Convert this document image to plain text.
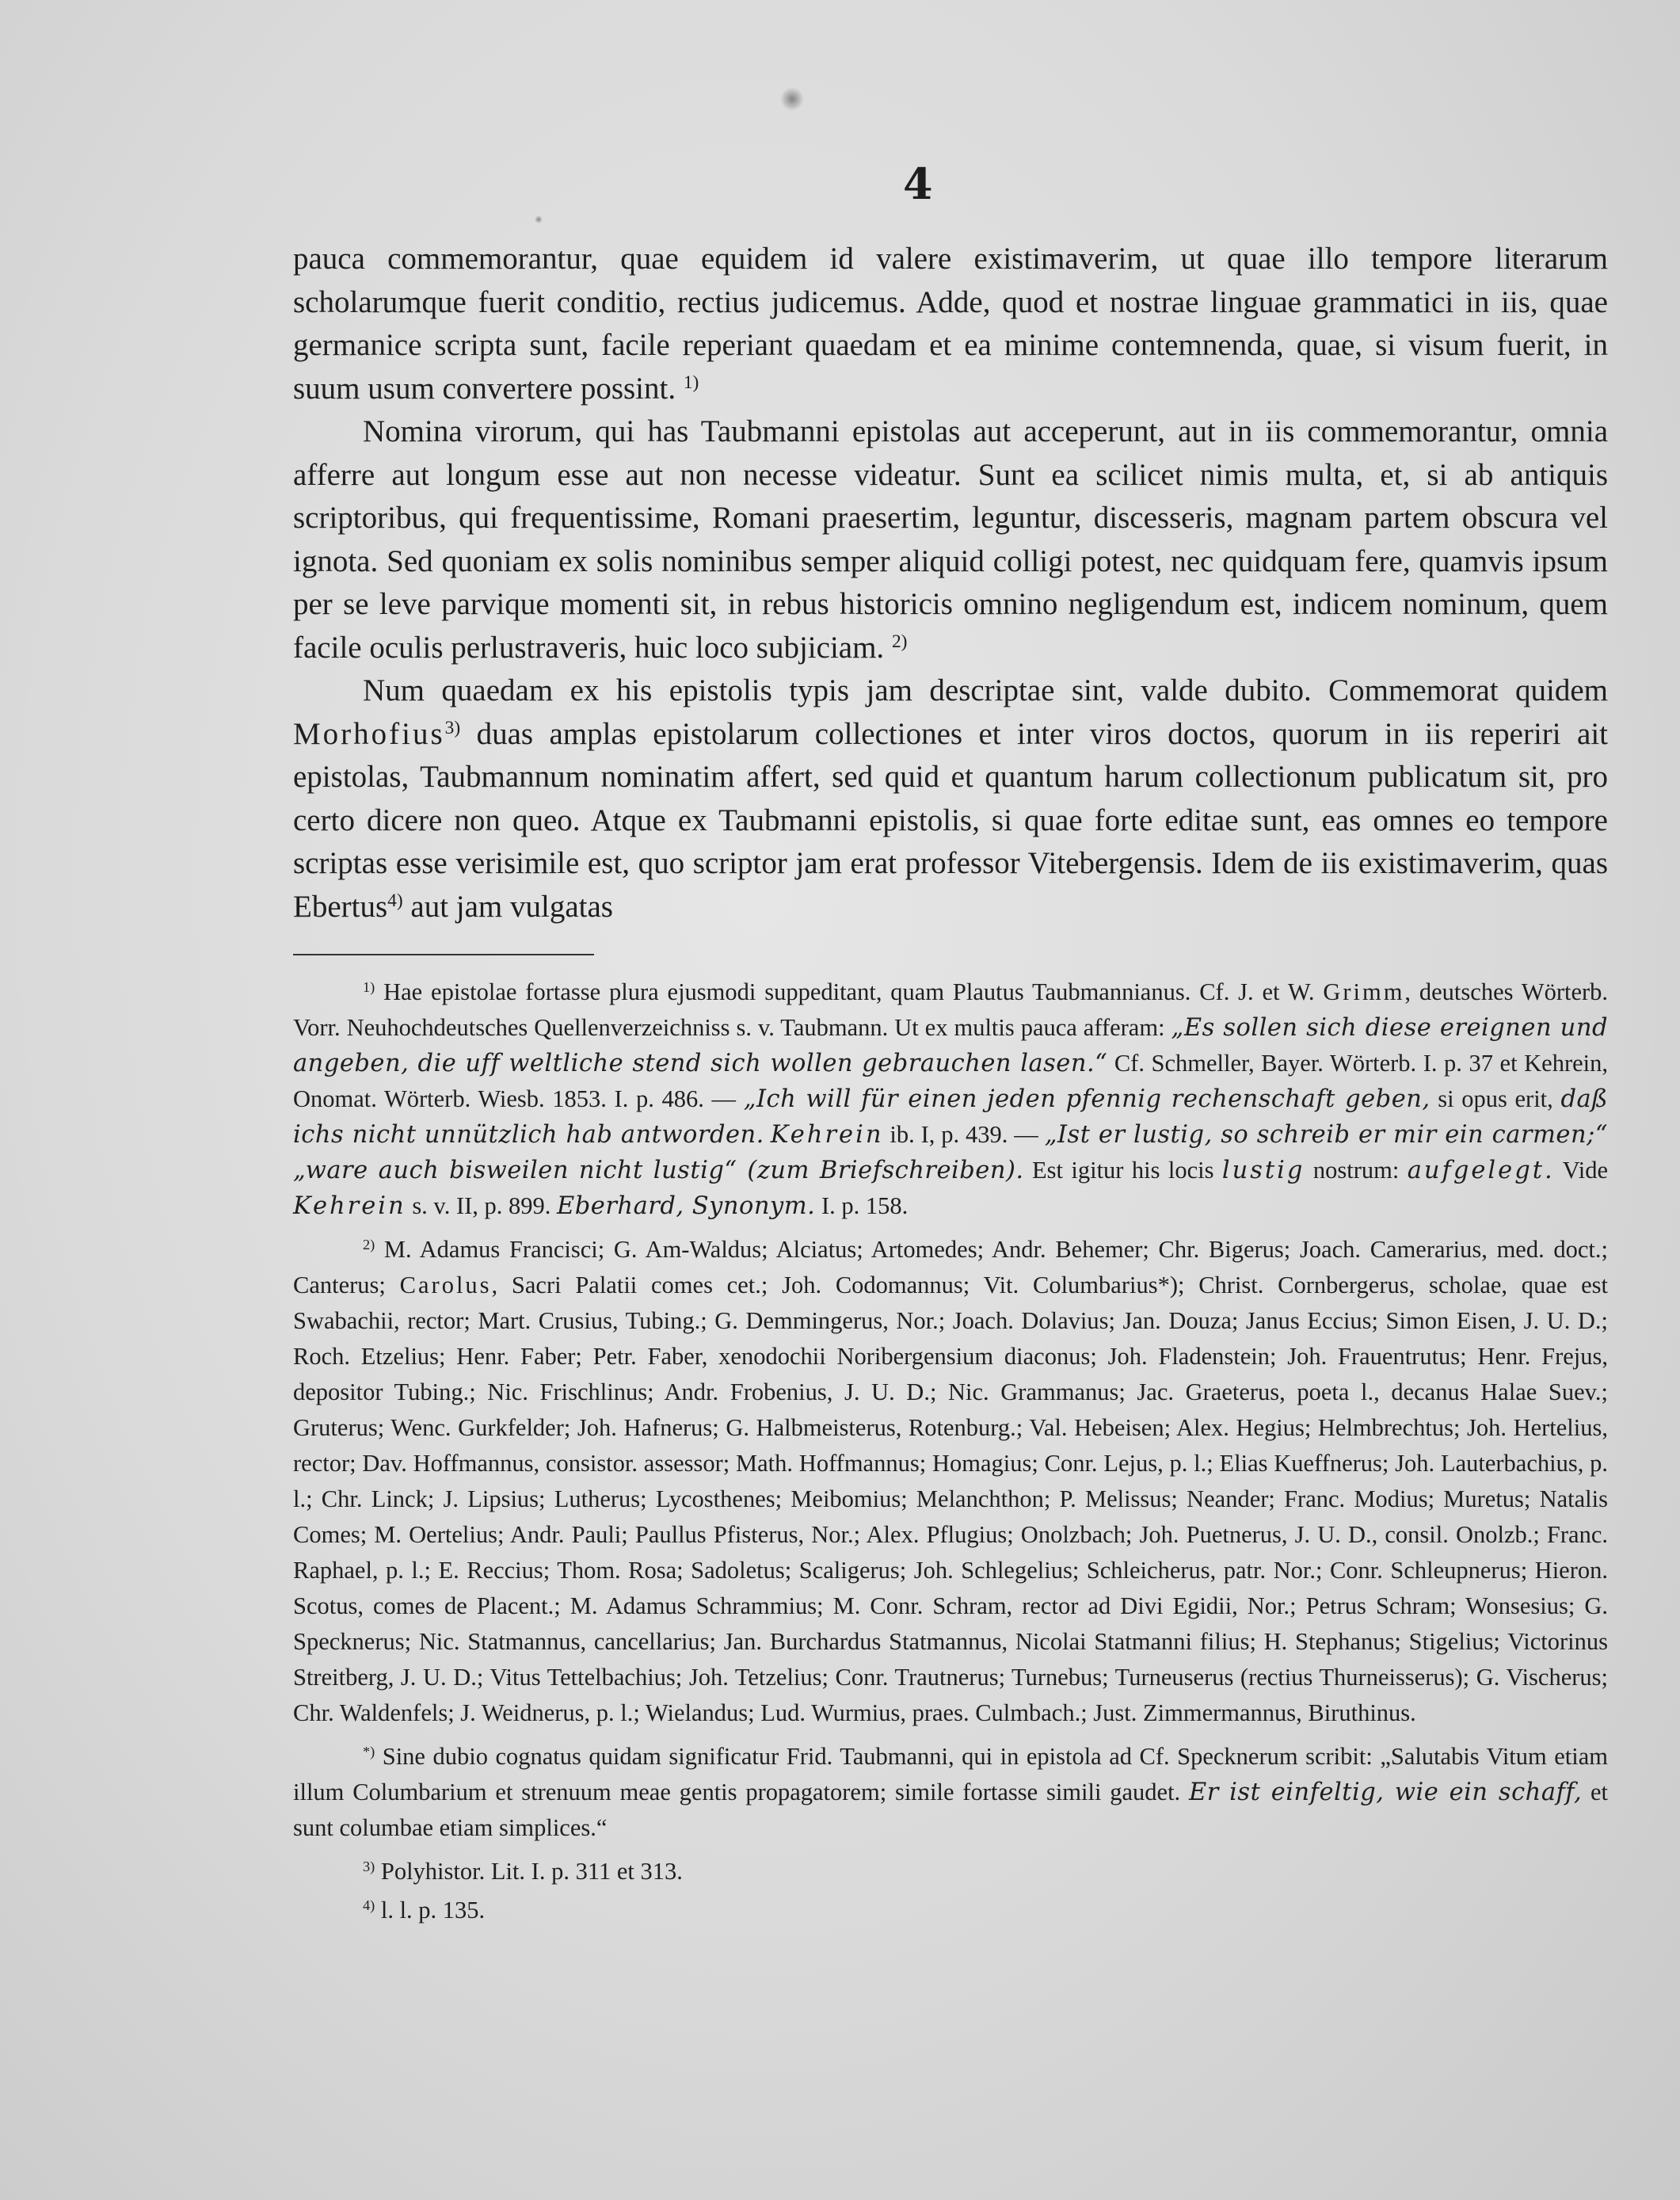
4

pauca commemorantur, quae equidem id valere existimaverim, ut quae illo tempore literarum scholarumque fuerit conditio, rectius judicemus. Adde, quod et nostrae linguae grammatici in iis, quae germanice scripta sunt, facile reperiant quaedam et ea minime contemnenda, quae, si visum fuerit, in suum usum convertere possint. $^{1)}$

Nomina virorum, qui has Taubmanni epistolas aut acceperunt, aut in iis commemorantur, omnia afferre aut longum esse aut non necesse videatur. Sunt ea scilicet nimis multa, et, si ab antiquis scriptoribus, qui frequentissime, Romani praesertim, leguntur, discesseris, magnam partem obscura vel ignota. Sed quoniam ex solis nominibus semper aliquid colligi potest, nec quidquam fere, quamvis ipsum per se leve parvique momenti sit, in rebus historicis omnino negligendum est, indicem nominum, quem facile oculis perlustraveris, huic loco subjiciam. $^{2)}$

Num quaedam ex his epistolis typis jam descriptae sint, valde dubito. Commemorat quidem Morhofius$^{3)}$ duas amplas epistolarum collectiones et inter viros doctos, quorum in iis reperiri ait epistolas, Taubmannum nominatim affert, sed quid et quantum harum collectionum publicatum sit, pro certo dicere non queo. Atque ex Taubmanni epistolis, si quae forte editae sunt, eas omnes eo tempore scriptas esse verisimile est, quo scriptor jam erat professor Vitebergensis. Idem de iis existimaverim, quas Ebertus$^{4)}$ aut jam vulgatas

$^{1)}$ Hae epistolae fortasse plura ejusmodi suppeditant, quam Plautus Taubmannianus. Cf. J. et W. Grimm, deutsches Wörterb. Vorr. Neuhochdeutsches Quellenverzeichniss s. v. Taubmann. Ut ex multis pauca afferam: „Es sollen sich diese ereignen und angeben, die uff weltliche stend sich wollen gebrauchen lasen.“ Cf. Schmeller, Bayer. Wörterb. I. p. 37 et Kehrein, Onomat. Wörterb. Wiesb. 1853. I. p. 486. — „Ich will für einen jeden pfennig rechenschaft geben, si opus erit, daß ichs nicht unnützlich hab antworden. Kehrein ib. I, p. 439. — „Ist er lustig, so schreib er mir ein carmen;“ „ware auch bisweilen nicht lustig“ (zum Briefschreiben). Est igitur his locis lustig nostrum: aufgelegt. Vide Kehrein s. v. II, p. 899. Eberhard, Synonym. I. p. 158.

$^{2)}$ M. Adamus Francisci; G. Am-Waldus; Alciatus; Artomedes; Andr. Behemer; Chr. Bigerus; Joach. Camerarius, med. doct.; Canterus; Carolus, Sacri Palatii comes cet.; Joh. Codomannus; Vit. Columbarius*); Christ. Cornbergerus, scholae, quae est Swabachii, rector; Mart. Crusius, Tubing.; G. Demmingerus, Nor.; Joach. Dolavius; Jan. Douza; Janus Eccius; Simon Eisen, J. U. D.; Roch. Etzelius; Henr. Faber; Petr. Faber, xenodochii Noribergensium diaconus; Joh. Fladenstein; Joh. Frauentrutus; Henr. Frejus, depositor Tubing.; Nic. Frischlinus; Andr. Frobenius, J. U. D.; Nic. Grammanus; Jac. Graeterus, poeta l., decanus Halae Suev.; Gruterus; Wenc. Gurkfelder; Joh. Hafnerus; G. Halbmeisterus, Rotenburg.; Val. Hebeisen; Alex. Hegius; Helmbrechtus; Joh. Hertelius, rector; Dav. Hoffmannus, consistor. assessor; Math. Hoffmannus; Homagius; Conr. Lejus, p. l.; Elias Kueffnerus; Joh. Lauterbachius, p. l.; Chr. Linck; J. Lipsius; Lutherus; Lycosthenes; Meibomius; Melanchthon; P. Melissus; Neander; Franc. Modius; Muretus; Natalis Comes; M. Oertelius; Andr. Pauli; Paullus Pfisterus, Nor.; Alex. Pflugius; Onolzbach; Joh. Puetnerus, J. U. D., consil. Onolzb.; Franc. Raphael, p. l.; E. Reccius; Thom. Rosa; Sadoletus; Scaligerus; Joh. Schlegelius; Schleicherus, patr. Nor.; Conr. Schleupnerus; Hieron. Scotus, comes de Placent.; M. Adamus Schrammius; M. Conr. Schram, rector ad Divi Egidii, Nor.; Petrus Schram; Wonsesius; G. Specknerus; Nic. Statmannus, cancellarius; Jan. Burchardus Statmannus, Nicolai Statmanni filius; H. Stephanus; Stigelius; Victorinus Streitberg, J. U. D.; Vitus Tettelbachius; Joh. Tetzelius; Conr. Trautnerus; Turnebus; Turneuserus (rectius Thurneisserus); G. Vischerus; Chr. Waldenfels; J. Weidnerus, p. l.; Wielandus; Lud. Wurmius, praes. Culmbach.; Just. Zimmermannus, Biruthinus.

*) Sine dubio cognatus quidam significatur Frid. Taubmanni, qui in epistola ad Cf. Specknerum scribit: „Salutabis Vitum etiam illum Columbarium et strenuum meae gentis propagatorem; simile fortasse simili gaudet. Er ist einfeltig, wie ein schaff, et sunt columbae etiam simplices.“

$^{3)}$ Polyhistor. Lit. I. p. 311 et 313.

$^{4)}$ l. l. p. 135.
